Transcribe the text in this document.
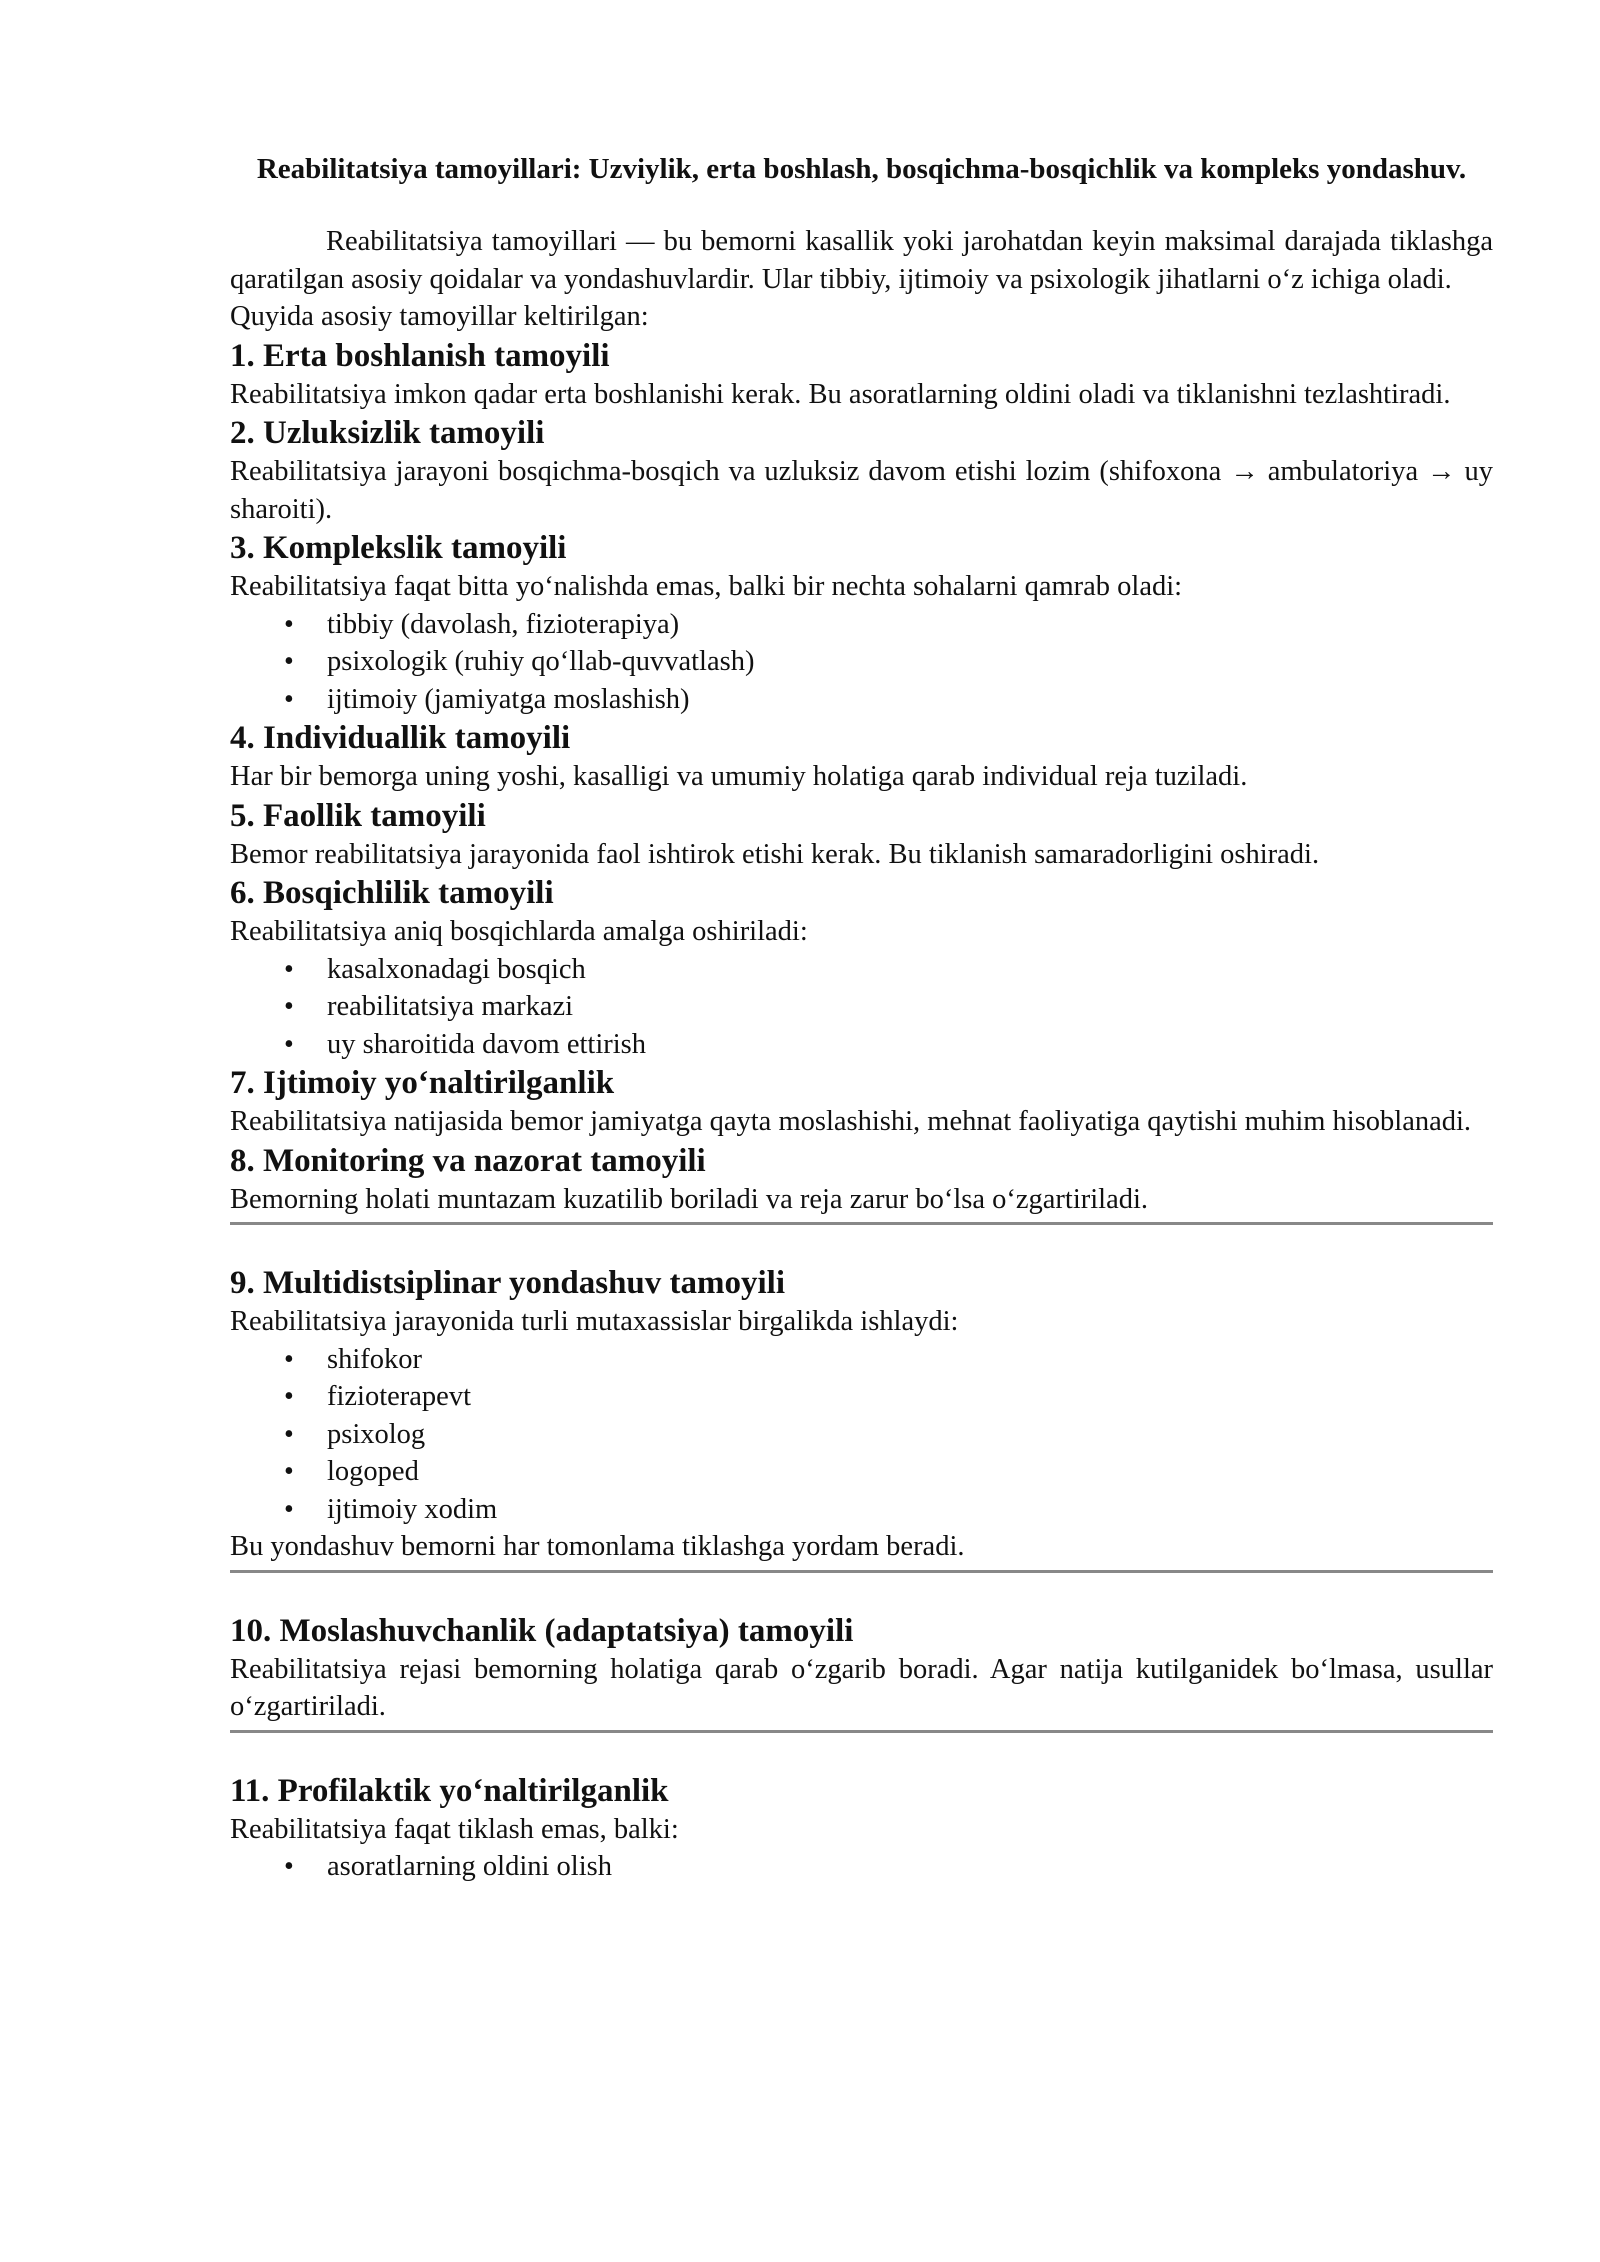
Reabilitatsiya tamoyillari: Uzviylik, erta boshlash, bosqichma-bosqichlik va kompleks yondashuv.
Reabilitatsiya tamoyillari — bu bemorni kasallik yoki jarohatdan keyin maksimal darajada tiklashga qaratilgan asosiy qoidalar va yondashuvlardir. Ular tibbiy, ijtimoiy va psixologik jihatlarni o‘z ichiga oladi.
Quyida asosiy tamoyillar keltirilgan:
1. Erta boshlanish tamoyili

Reabilitatsiya imkon qadar erta boshlanishi kerak. Bu asoratlarning oldini oladi va tiklanishni tezlashtiradi.

2. Uzluksizlik tamoyili

Reabilitatsiya jarayoni bosqichma-bosqich va uzluksiz davom etishi lozim (shifoxona → ambulatoriya → uy sharoiti).

3. Komplekslik tamoyili

Reabilitatsiya faqat bitta yo‘nalishda emas, balki bir nechta sohalarni qamrab oladi:

• tibbiy (davolash, fizioterapiya)
• psixologik (ruhiy qo‘llab-quvvatlash)
• ijtimoiy (jamiyatga moslashish)
4. Individuallik tamoyili

Har bir bemorga uning yoshi, kasalligi va umumiy holatiga qarab individual reja tuziladi.

5. Faollik tamoyili

Bemor reabilitatsiya jarayonida faol ishtirok etishi kerak. Bu tiklanish samaradorligini oshiradi.

6. Bosqichlilik tamoyili

Reabilitatsiya aniq bosqichlarda amalga oshiriladi:

• kasalxonadagi bosqich
• reabilitatsiya markazi
• uy sharoitida davom ettirish
7. Ijtimoiy yo‘naltirilganlik

Reabilitatsiya natijasida bemor jamiyatga qayta moslashishi, mehnat faoliyatiga qaytishi muhim hisoblanadi.

8. Monitoring va nazorat tamoyili

Bemorning holati muntazam kuzatilib boriladi va reja zarur bo‘lsa o‘zgartiriladi.

9. Multidistsiplinar yondashuv tamoyili

Reabilitatsiya jarayonida turli mutaxassislar birgalikda ishlaydi:

• shifokor
• fizioterapevt
• psixolog
• logoped
• ijtimoiy xodim

Bu yondashuv bemorni har tomonlama tiklashga yordam beradi.

10. Moslashuvchanlik (adaptatsiya) tamoyili

Reabilitatsiya rejasi bemorning holatiga qarab o‘zgarib boradi. Agar natija kutilganidek bo‘lmasa, usullar o‘zgartiriladi.

11. Profilaktik yo‘naltirilganlik

Reabilitatsiya faqat tiklash emas, balki:

• asoratlarning oldini olish
